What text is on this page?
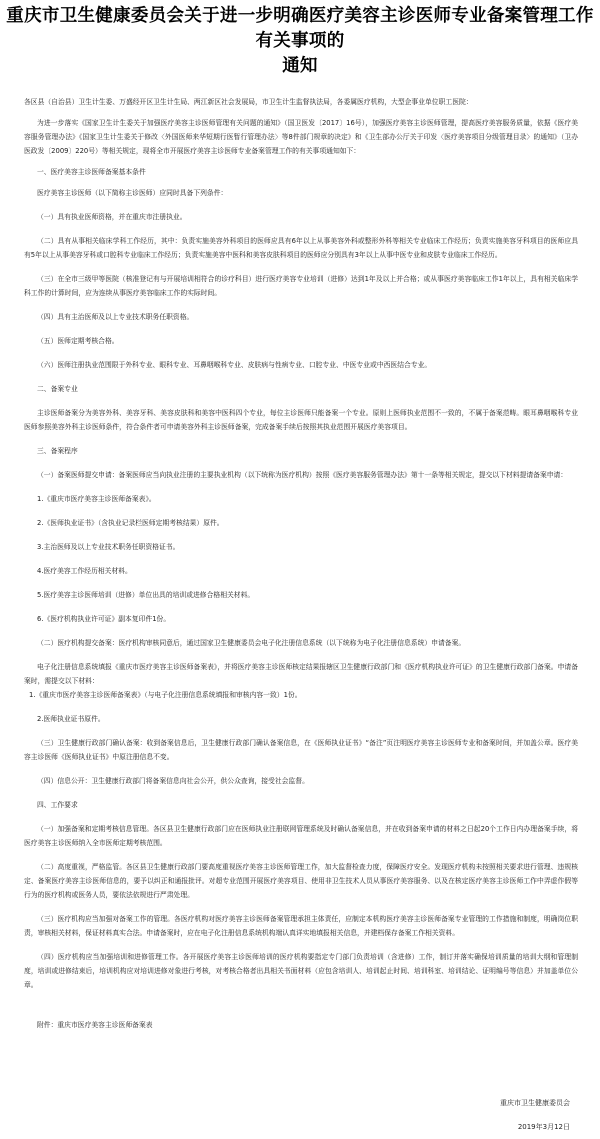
重庆市卫生健康委员会关于进一步明确医疗美容主诊医师专业备案管理工作有关事项的
通知

各区县（自治县）卫生计生委、万盛经开区卫生计生局、两江新区社会发展局，市卫生计生监督执法局，各委属医疗机构，大型企事业单位职工医院：

为进一步落实《国家卫生计生委关于加强医疗美容主诊医师管理有关问题的通知》（国卫医发〔2017〕16号），加强医疗美容主诊医师管理，提高医疗美容服务质量，依据《医疗美容服务管理办法》《国家卫生计生委关于修改〈外国医师来华短期行医暂行管理办法〉等8件部门规章的决定》和《卫生部办公厅关于印发〈医疗美容项目分级管理目录〉的通知》（卫办医政发〔2009〕220号）等相关规定，现将全市开展医疗美容主诊医师专业备案管理工作的有关事项通知如下：

一、医疗美容主诊医师备案基本条件

医疗美容主诊医师（以下简称主诊医师）应同时具备下列条件：

（一）具有执业医师资格，并在重庆市注册执业。

（二）具有从事相关临床学科工作经历，其中：负责实施美容外科项目的医师应具有6年以上从事美容外科或整形外科等相关专业临床工作经历；负责实施美容牙科项目的医师应具有5年以上从事美容牙科或口腔科专业临床工作经历；负责实施美容中医科和美容皮肤科项目的医师应分别具有3年以上从事中医专业和皮肤专业临床工作经历。

（三）在全市三级甲等医院（核准登记有与开展培训相符合的诊疗科目）进行医疗美容专业培训（进修）达到1年及以上并合格；或从事医疗美容临床工作1年以上，具有相关临床学科工作的计算时间，应为连续从事医疗美容临床工作的实际时间。

（四）具有主治医师及以上专业技术职务任职资格。

（五）医师定期考核合格。

（六）医师注册执业范围限于外科专业、眼科专业、耳鼻咽喉科专业、皮肤病与性病专业、口腔专业、中医专业或中西医结合专业。

二、备案专业

主诊医师备案分为美容外科、美容牙科、美容皮肤科和美容中医科四个专业，每位主诊医师只能备案一个专业。原则上医师执业范围不一致的，不属于备案范畴。眼耳鼻咽喉科专业医师参照美容外科主诊医师条件，符合条件者可申请美容外科主诊医师备案，完成备案手续后按照其执业范围开展医疗美容项目。

三、备案程序

（一）备案医师提交申请：备案医师应当向执业注册的主要执业机构（以下统称为医疗机构）按照《医疗美容服务管理办法》第十一条等相关规定，提交以下材料提请备案申请：

1.《重庆市医疗美容主诊医师备案表》。

2.《医师执业证书》（含执业记录栏医师定期考核结果）原件。

3.主治医师及以上专业技术职务任职资格证书。

4.医疗美容工作经历相关材料。

5.医疗美容主诊医师培训（进修）单位出具的培训或进修合格相关材料。

6.《医疗机构执业许可证》副本复印件1份。

（二）医疗机构提交备案：医疗机构审核同意后，通过国家卫生健康委员会电子化注册信息系统（以下统称为电子化注册信息系统）申请备案。

电子化注册信息系统填报《重庆市医疗美容主诊医师备案表》，并将医疗美容主诊医师核定结果报辖区卫生健康行政部门和《医疗机构执业许可证》的卫生健康行政部门备案。申请备案时，需提交以下材料：

1.《重庆市医疗美容主诊医师备案表》（与电子化注册信息系统填报和审核内容一致）1份。

2.医师执业证书原件。

（三）卫生健康行政部门确认备案：收到备案信息后，卫生健康行政部门确认备案信息，在《医师执业证书》“备注”页注明医疗美容主诊医师专业和备案时间，并加盖公章。医疗美容主诊医师《医师执业证书》中原注册信息不变。

（四）信息公开：卫生健康行政部门将备案信息向社会公开，供公众查询，接受社会监督。

四、工作要求

（一）加强备案和定期考核信息管理。各区县卫生健康行政部门应在医师执业注册联网管理系统及时确认备案信息，并在收到备案申请的材料之日起20个工作日内办理备案手续，将医疗美容主诊医师纳入全市医师定期考核范围。

（二）高度重视，严格监管。各区县卫生健康行政部门要高度重视医疗美容主诊医师管理工作，加大监督检查力度，保障医疗安全。发现医疗机构未按照相关要求进行管理、违规核定、备案医疗美容主诊医师信息的，要予以纠正和通报批评。对超专业范围开展医疗美容项目、使用非卫生技术人员从事医疗美容服务、以及在核定医疗美容主诊医师工作中弄虚作假等行为的医疗机构或医务人员，要依法依规进行严肃处理。

（三）医疗机构应当加强对备案工作的管理。各医疗机构对医疗美容主诊医师备案管理承担主体责任，应制定本机构医疗美容主诊医师备案专业管理的工作措施和制度，明确岗位职责，审核相关材料，保证材料真实合法。申请备案时，应在电子化注册信息系统机构端认真详实地填报相关信息，并建档保存备案工作相关资料。

（四）医疗机构应当加强培训和进修管理工作。各开展医疗美容主诊医师培训的医疗机构要指定专门部门负责培训（含进修）工作，制订并落实确保培训质量的培训大纲和管理制度，培训或进修结束后，培训机构应对培训进修对象进行考核，对考核合格者出具相关书面材料（应包含培训人、培训起止时间、培训科室、培训结论、证明编号等信息）并加盖单位公章。

附件：重庆市医疗美容主诊医师备案表

重庆市卫生健康委员会
2019年3月12日
